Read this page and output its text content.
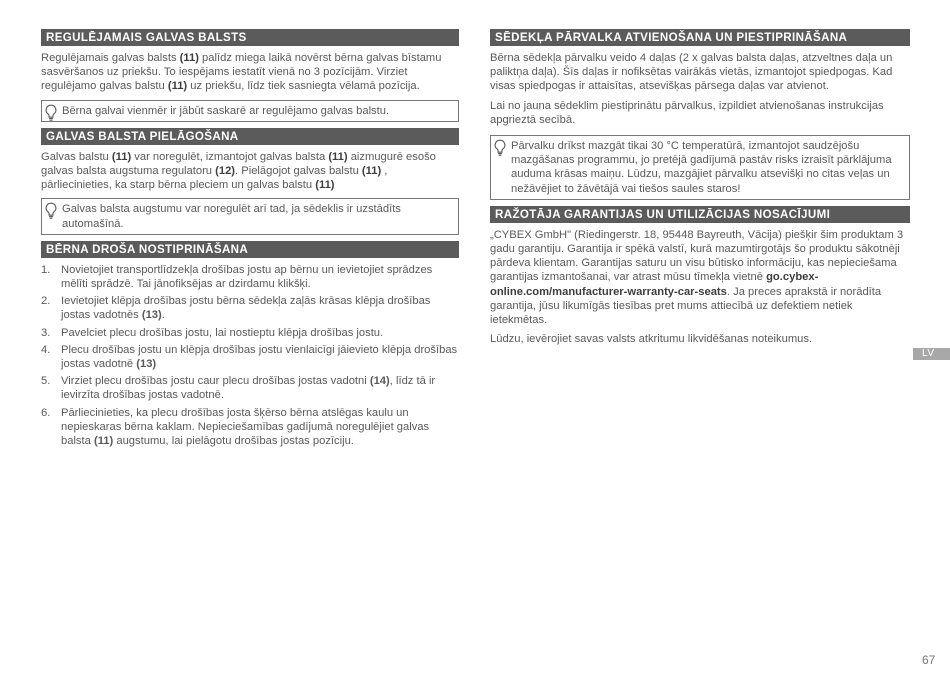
REGULĒJAMAIS GALVAS BALSTS

Regulējamais galvas balsts (11) palīdz miega laikā novērst bērna galvas bīstamu sasvēršanos uz priekšu. To iespējams iestatīt vienā no 3 pozīcijām. Virziet regulējamo galvas balstu (11) uz priekšu, līdz tiek sasniegta vēlamā pozīcija.

Bērna galvai vienmēr ir jābūt saskarē ar regulējamo galvas balstu.
GALVAS BALSTA PIELĀGOŠANA

Galvas balstu (11) var noregulēt, izmantojot galvas balsta (11) aizmugurē esošo galvas balsta augstuma regulatoru (12). Pielāgojot galvas balstu (11) , pārliecinieties, ka starp bērna pleciem un galvas balstu (11)

Galvas balsta augstumu var noregulēt arī tad, ja sēdeklis ir uzstādīts automašīnā.
BĒRNA DROŠA NOSTIPRINĀŠANA
1. Novietojiet transportlīdzekļa drošības jostu ap bērnu un ievietojiet sprādzes mēlīti sprādzē. Tai jānofiksējas ar dzirdamu klikšķi.
2. Ievietojiet klēpja drošības jostu bērna sēdekļa zaļās krāsas klēpja drošības jostas vadotnēs (13).
3. Pavelciet plecu drošības jostu, lai nostieptu klēpja drošības jostu.
4. Plecu drošības jostu un klēpja drošības jostu vienlaicīgi jāievieto klēpja drošības jostas vadotnē (13)
5. Virziet plecu drošības jostu caur plecu drošības jostas vadotni (14), līdz tā ir ievirzīta drošības jostas vadotnē.
6. Pārliecinieties, ka plecu drošības josta šķērso bērna atslēgas kaulu un nepieskaras bērna kaklam. Nepieciešamības gadījumā noregulējiet galvas balsta (11) augstumu, lai pielāgotu drošības jostas pozīciju.
SĒDEKĻA PĀRVALKA ATVIENOŠANA UN PIESTIPRINĀŠANA

Bērna sēdekļa pārvalku veido 4 daļas (2 x galvas balsta daļas, atzveltnes daļa un paliktņa daļa). Šīs daļas ir nofiksētas vairākās vietās, izmantojot spiedpogas. Kad visas spiedpogas ir attaisītas, atsevišķas pārsega daļas var atvienot.

Lai no jauna sēdeklim piestiprinātu pārvalkus, izpildiet atvienošanas instrukcijas apgrieztā secībā.

Pārvalku drīkst mazgāt tikai 30 °C temperatūrā, izmantojot saudzējošu mazgāšanas programmu, jo pretējā gadījumā pastāv risks izraisīt pārklājuma auduma krāsas maiņu. Lūdzu, mazgājiet pārvalku atsevišķi no citas veļas un nežāvējiet to žāvētājā vai tiešos saules staros!
RAŽOTĀJA GARANTIJAS UN UTILIZĀCIJAS NOSACĪJUMI

„CYBEX GmbH" (Riedingerstr. 18, 95448 Bayreuth, Vācija) piešķir šim produktam 3 gadu garantiju. Garantija ir spēkā valstī, kurā mazumtirgotājs šo produktu sākotnēji pārdeva klientam. Garantijas saturu un visu būtisko informāciju, kas nepieciešama garantijas izmantošanai, var atrast mūsu tīmekļa vietnē go.cybex-online.com/manufacturer-warranty-car-seats. Ja preces aprakstā ir norādīta garantija, jūsu likumīgās tiesības pret mums attiecībā uz defektiem netiek ietekmētas.

Lūdzu, ievērojiet savas valsts atkritumu likvidēšanas noteikumus.

LV
67
